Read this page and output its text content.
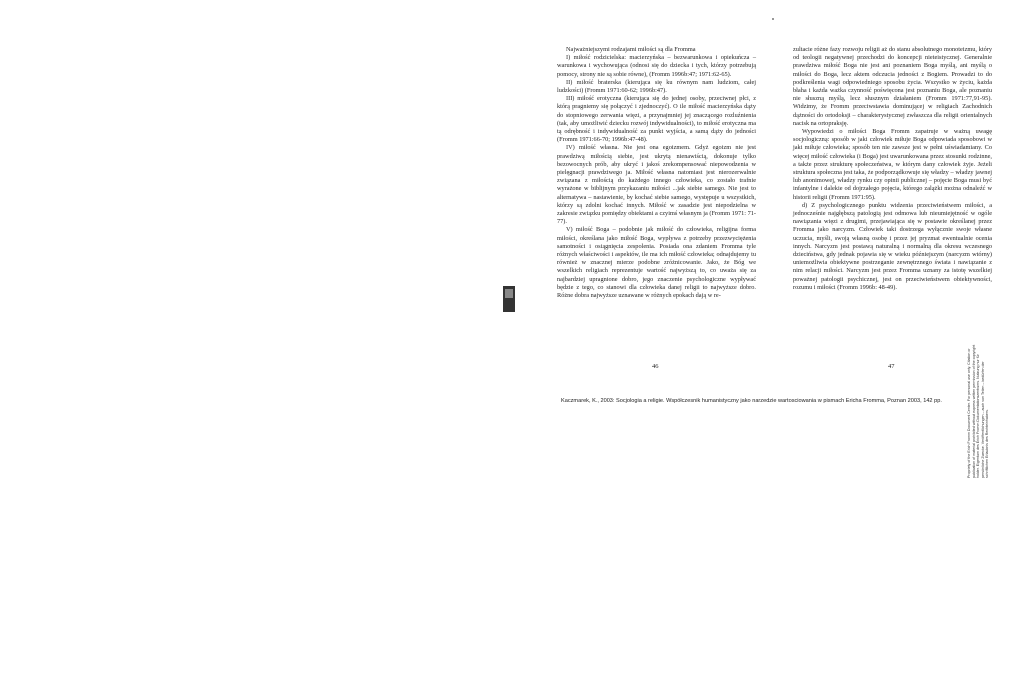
Propriety of the Erich Fromm Document Center. For personal use only. Citation or publication of material prohibited without express written permission of the copyright holder. Eigentum des Erich Fromm Dokumentationszentrums. Nutzung nur für persönliche Zwecke. Veröffentlichungen – auch von Teilen – bedürfen der schriftlichen Erlaubnis des Rechteinhabers.

Najważniejszymi rodzajami miłości są dla Fromma

I) miłość rodzicielska: macierzyńska – bezwarunkowa i opiekuńcza – warunkowa i wychowująca (odnosi się do dziecka i tych, którzy potrzebują pomocy, strony nie są sobie równe), (Fromm 1996b:47; 1971:62-65).

II) miłość braterska (kierująca się ku równym nam ludziom, całej ludzkości) (Fromm 1971:60-62; 1996b:47).

III) miłość erotyczna (kierująca się do jednej osoby, przeciwnej płci, z którą pragniemy się połączyć i zjednoczyć). O ile miłość macierzyńska dąży do stopniowego zerwania więzi, a przynajmniej jej znaczącego rozluźnienia (tak, aby umożliwić dziecku rozwój indywidualności), to miłość erotyczna ma tą odrębność i indywidualność za punkt wyjścia, a samą dąży do jedności (Fromm 1971:66-70; 1996b:47-48).

IV) miłość własna. Nie jest ona egoizmem. Gdyż egoizm nie jest prawdziwą miłością siebie, jest ukrytą nienawiścią, dokonuje tylko bezowocnych prób, aby ukryć i jakoś zrekompensować niepowodzenia w pielęgnacji prawdziwego ja. Miłość własna natomiast jest nierozerwalnie związana z miłością do każdego innego człowieka, co zostało trafnie wyrażone w biblijnym przykazaniu miłości ...jak siebie samego. Nie jest to alternatywa – nastawienie, by kochać siebie samego, występuje u wszystkich, którzy są zdolni kochać innych. Miłość w zasadzie jest niepodzielna w zakresie związku pomiędzy obiektami a czyimś własnym ja (Fromm 1971: 71-77).

V) miłość Boga – podobnie jak miłość do człowieka, religijna forma miłości, określana jako miłość Boga, wypływa z potrzeby przezwyciężenia samotności i osiągnięcia zespolenia. Posiada ona zdaniem Fromma tyle różnych właściwości i aspektów, ile ma ich miłość człowieka; odnajdujemy tu również w znacznej mierze podobne zróżnicowanie. Jako, że Bóg we wszelkich religiach reprezentuje wartość najwyższą to, co uważa się za najbardziej upragnione dobro, jego znaczenie psychologiczne wypływać będzie z tego, co stanowi dla człowieka danej religii to najwyższe dobro. Różne dobra najwyższe uznawane w różnych epokach dają w re-

zultacie różne fazy rozwoju religii aż do stanu absolutnego monoteizmu, który od teologii negatywnej przechodzi do koncepcji nieteistycznej. Generalnie prawdziwa miłość Boga nie jest ani poznaniem Boga myślą, ani myślą o miłości do Boga, lecz aktem odczucia jedności z Bogiem. Prowadzi to do podkreślenia wagi odpowiedniego sposobu życia. Wszystko w życiu, każda błaha i każda ważka czynność poświęcona jest poznaniu Boga, ale poznaniu nie słuszną myślą, lecz słusznym działaniem (Fromm 1971:77,91-95). Widzimy, że Fromm przeciwstawia dominującej w religiach Zachodnich dążności do ortodoksji – charakterystycznej zwłaszcza dla religii orientalnych nacisk na ortopraksję.

Wypowiedzi o miłości Boga Fromm zapatruje w ważną uwagę socjologiczną: sposób w jaki człowiek miłuje Boga odpowiada sposobowi w jaki miłuje człowieka; sposób ten nie zawsze jest w pełni uświadamiany. Co więcej miłość człowieka (i Boga) jest uwarunkowana przez stosunki rodzinne, a także przez strukturę społeczeństwa, w którym dany człowiek żyje. Jeżeli struktura społeczna jest taka, że podporządkowuje się władzy – władzy jawnej lub anonimowej, władzy rynku czy opinii publicznej – pojęcie Boga musi być infantylne i dalekie od dojrzałego pojęcia, którego zalążki można odnaleźć w historii religii (Fromm 1971:95).

d) Z psychologicznego punktu widzenia przeciwieństwem miłości, a jednocześnie najgłębszą patologią jest odmowa lub nieumiejętność w ogóle nawiązania więzi z drugimi, przejawiająca się w postawie określanej przez Fromma jako narcyzm. Człowiek taki dostrzega wyłącznie swoje własne uczucia, myśli, swoją własną osobę i przez jej pryzmat ewentualnie ocenia innych. Narcyzm jest postawą naturalną i normalną dla okresu wczesnego dzieciństwa, gdy jednak pojawia się w wieku późniejszym (narcyzm wtórny) uniemożliwia obiektywne postrzeganie zewnętrznego świata i nawiązanie z nim relacji miłości. Narcyzm jest przez Fromma uznany za istotę wszelkiej poważnej patologii psychicznej, jest on przeciwieństwem obiektywności, rozumu i miłości (Fromm 1996b: 48-49).

46	47
Kaczmarek, K., 2003: Socjologia a religie. Współczesnik humanistyczny jako narzedzie wartosciowania w pismach Ericha Fromma, Poznan 2003, 142 pp.
